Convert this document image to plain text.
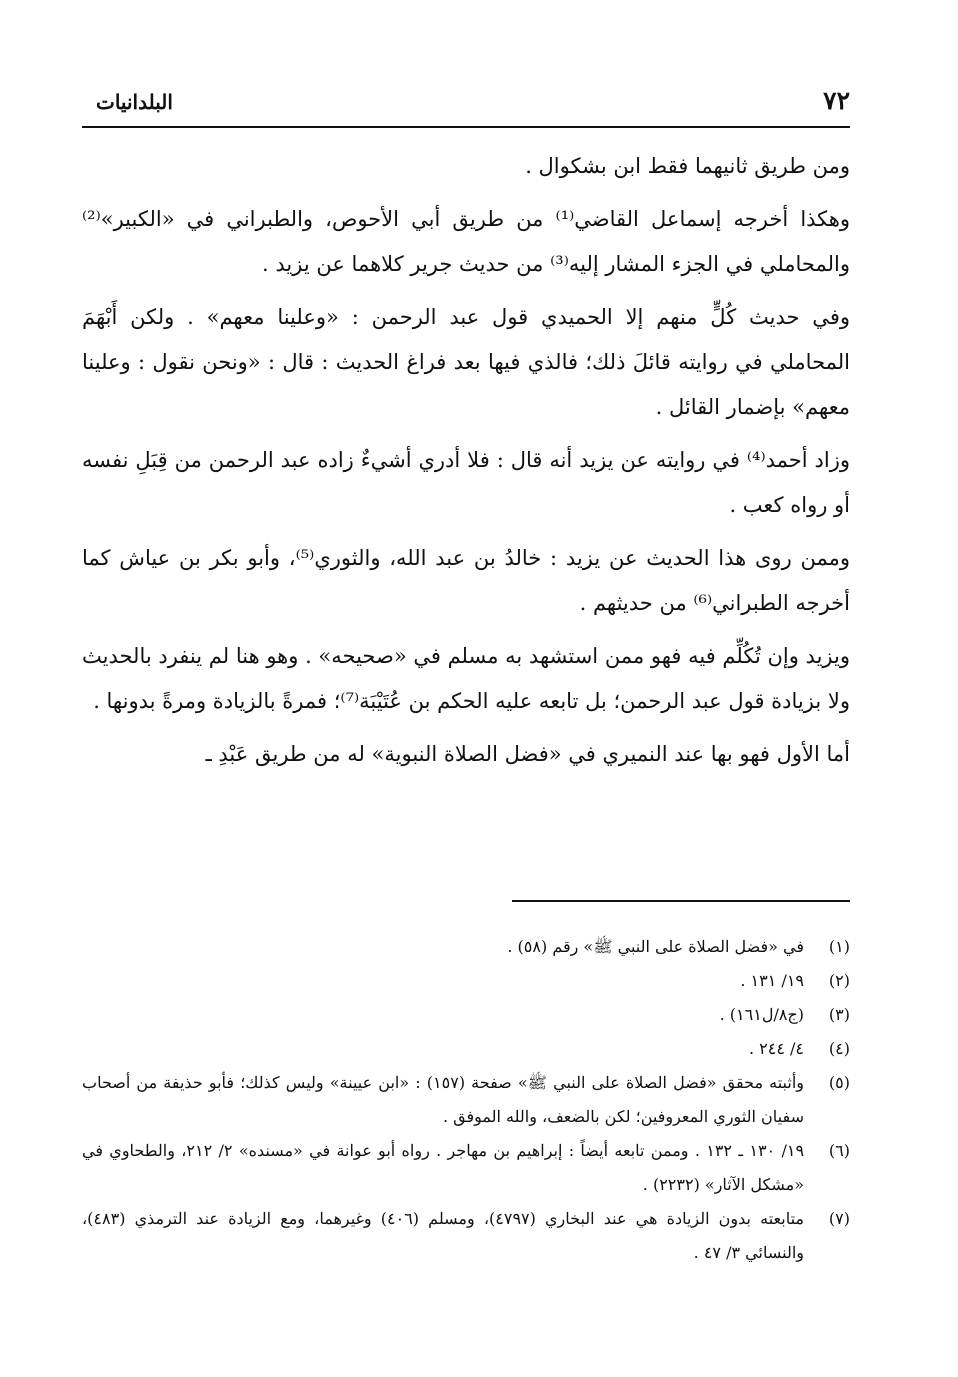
٧٢
البلدانيات

ومن طريق ثانيهما فقط ابن بشكوال .

وهكذا أخرجه إسماعل القاضي⁽¹⁾ من طريق أبي الأحوص، والطبراني في «الكبير»⁽²⁾ والمحاملي في الجزء المشار إليه⁽³⁾ من حديث جرير كلاهما عن يزيد .

وفي حديث كُلٍّ منهم إلا الحميدي قول عبد الرحمن : «وعلينا معهم» . ولكن أَبْهَمَ المحاملي في روايته قائلَ ذلك؛ فالذي فيها بعد فراغ الحديث : قال : «ونحن نقول : وعلينا معهم» بإضمار القائل .

وزاد أحمد⁽⁴⁾ في روايته عن يزيد أنه قال : فلا أدري أشيءٌ زاده عبد الرحمن من قِبَلِ نفسه أو رواه كعب .

وممن روى هذا الحديث عن يزيد : خالدُ بن عبد الله، والثوري⁽⁵⁾، وأبو بكر بن عياش كما أخرجه الطبراني⁽⁶⁾ من حديثهم .

ويزيد وإن تُكُلِّم فيه فهو ممن استشهد به مسلم في «صحيحه» . وهو هنا لم ينفرد بالحديث ولا بزيادة قول عبد الرحمن؛ بل تابعه عليه الحكم بن عُتَيْبَة⁽⁷⁾؛ فمرةً بالزيادة ومرةً بدونها .

أما الأول فهو بها عند النميري في «فضل الصلاة النبوية» له من طريق عَبْدِ ـ

(١)
في «فضل الصلاة على النبي ﷺ» رقم (٥٨) .
(٢)
١٩/ ١٣١ .
(٣)
(ج٨/ل١٦١) .
(٤)
٤/ ٢٤٤ .
(٥)
وأثبته محقق «فضل الصلاة على النبي ﷺ» صفحة (١٥٧) : «ابن عيينة» وليس كذلك؛ فأبو حذيفة من أصحاب سفيان الثوري المعروفين؛ لكن بالضعف، والله الموفق .
(٦)
١٩/ ١٣٠ ـ ١٣٢ . وممن تابعه أيضاً : إبراهيم بن مهاجر . رواه أبو عوانة في «مسنده» ٢/ ٢١٢، والطحاوي في «مشكل الآثار» (٢٢٣٢) .
(٧)
متابعته بدون الزيادة هي عند البخاري (٤٧٩٧)، ومسلم (٤٠٦) وغيرهما، ومع الزيادة عند الترمذي (٤٨٣)، والنسائي ٣/ ٤٧ .
